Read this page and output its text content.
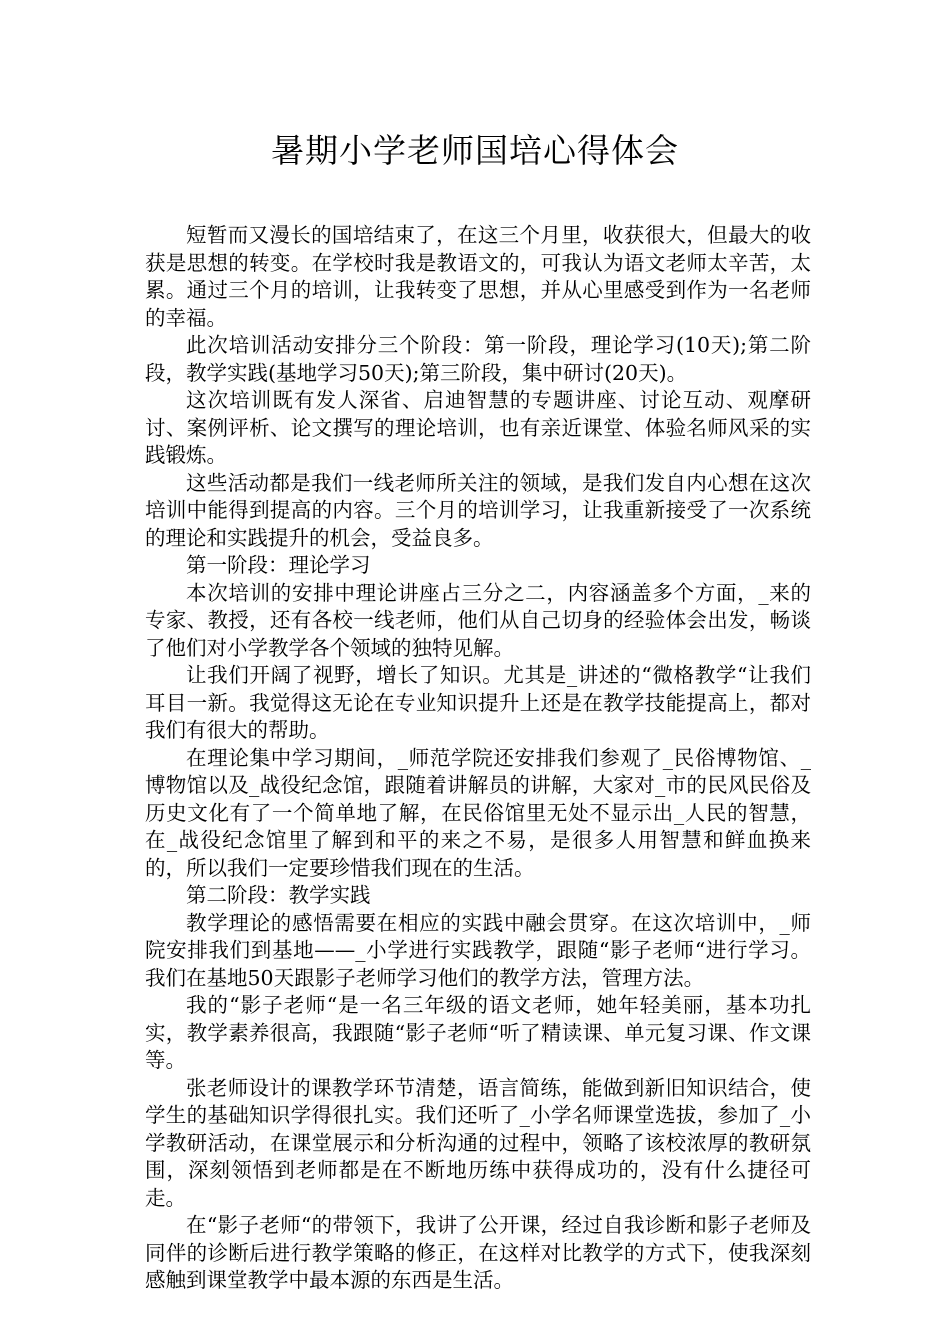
暑期小学老师国培心得体会

短暂而又漫长的国培结束了，在这三个月里，收获很大，但最大的收获是思想的转变。在学校时我是教语文的，可我认为语文老师太辛苦，太累。通过三个月的培训，让我转变了思想，并从心里感受到作为一名老师的幸福。

此次培训活动安排分三个阶段：第一阶段，理论学习(10天);第二阶段，教学实践(基地学习50天);第三阶段，集中研讨(20天)。

这次培训既有发人深省、启迪智慧的专题讲座、讨论互动、观摩研讨、案例评析、论文撰写的理论培训，也有亲近课堂、体验名师风采的实践锻炼。

这些活动都是我们一线老师所关注的领域，是我们发自内心想在这次培训中能得到提高的内容。三个月的培训学习，让我重新接受了一次系统的理论和实践提升的机会，受益良多。

第一阶段：理论学习

本次培训的安排中理论讲座占三分之二，内容涵盖多个方面，_来的专家、教授，还有各校一线老师，他们从自己切身的经验体会出发，畅谈了他们对小学教学各个领域的独特见解。

让我们开阔了视野，增长了知识。尤其是_讲述的“微格教学“让我们耳目一新。我觉得这无论在专业知识提升上还是在教学技能提高上，都对我们有很大的帮助。

在理论集中学习期间，_师范学院还安排我们参观了_民俗博物馆、_博物馆以及_战役纪念馆，跟随着讲解员的讲解，大家对_市的民风民俗及历史文化有了一个简单地了解，在民俗馆里无处不显示出_人民的智慧，在_战役纪念馆里了解到和平的来之不易，是很多人用智慧和鲜血换来的，所以我们一定要珍惜我们现在的生活。

第二阶段：教学实践

教学理论的感悟需要在相应的实践中融会贯穿。在这次培训中，_师院安排我们到基地——_小学进行实践教学，跟随“影子老师“进行学习。我们在基地50天跟影子老师学习他们的教学方法，管理方法。

我的“影子老师“是一名三年级的语文老师，她年轻美丽，基本功扎实，教学素养很高，我跟随“影子老师“听了精读课、单元复习课、作文课等。

张老师设计的课教学环节清楚，语言简练，能做到新旧知识结合，使学生的基础知识学得很扎实。我们还听了_小学名师课堂选拔，参加了_小学教研活动，在课堂展示和分析沟通的过程中，领略了该校浓厚的教研氛围，深刻领悟到老师都是在不断地历练中获得成功的，没有什么捷径可走。

在“影子老师“的带领下，我讲了公开课，经过自我诊断和影子老师及同伴的诊断后进行教学策略的修正，在这样对比教学的方式下，使我深刻感触到课堂教学中最本源的东西是生活。
